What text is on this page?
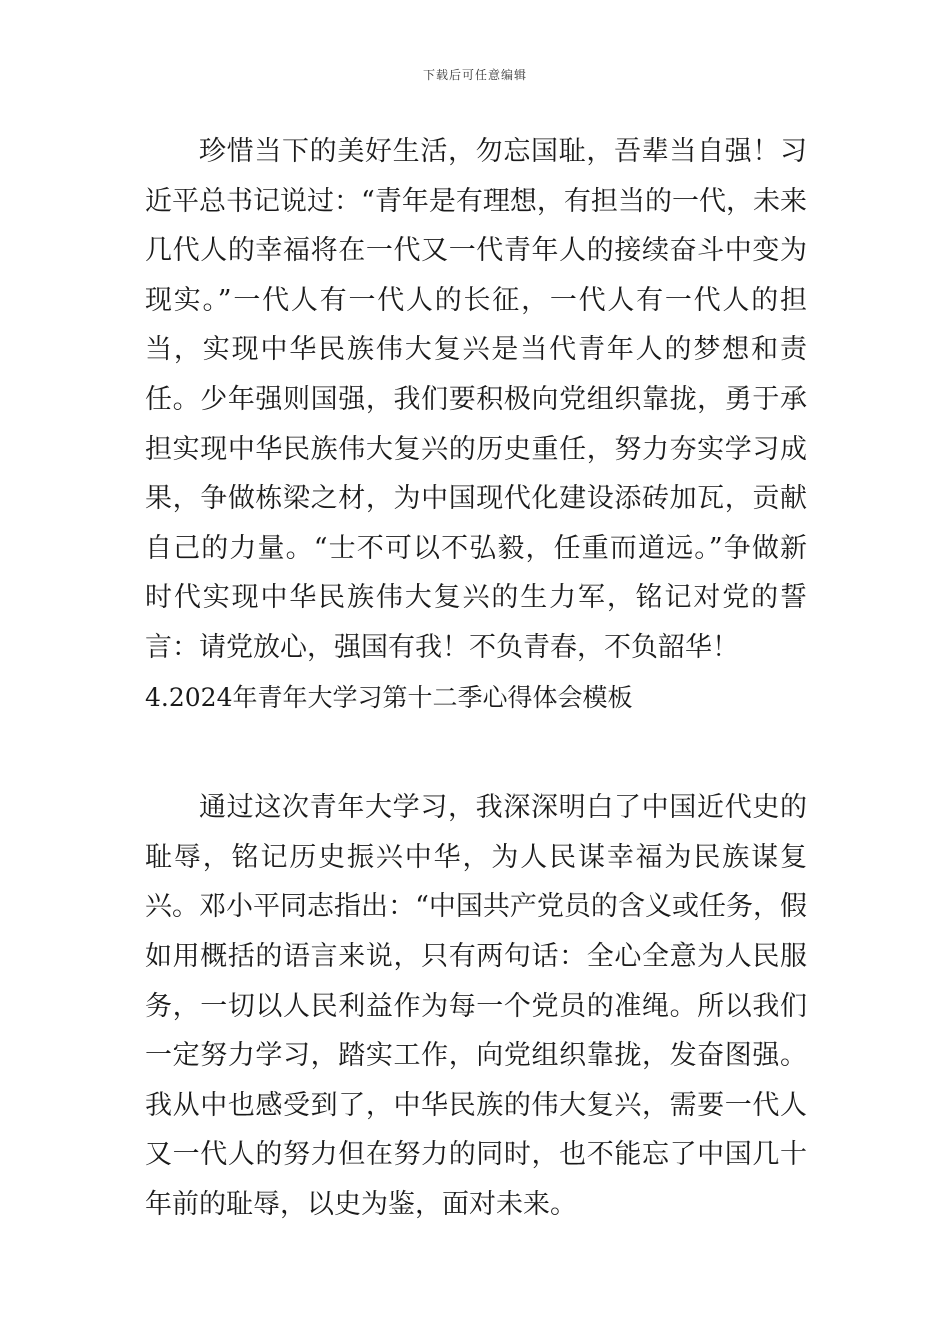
下载后可任意编辑

珍惜当下的美好生活，勿忘国耻，吾辈当自强！习近平总书记说过：“青年是有理想，有担当的一代，未来几代人的幸福将在一代又一代青年人的接续奋斗中变为现实。”一代人有一代人的长征，一代人有一代人的担当，实现中华民族伟大复兴是当代青年人的梦想和责任。少年强则国强，我们要积极向党组织靠拢，勇于承担实现中华民族伟大复兴的历史重任，努力夯实学习成果，争做栋梁之材，为中国现代化建设添砖加瓦，贡献自己的力量。“士不可以不弘毅，任重而道远。”争做新时代实现中华民族伟大复兴的生力军，铭记对党的誓言：请党放心，强国有我！不负青春，不负韶华！

4.2024年青年大学习第十二季心得体会模板

通过这次青年大学习，我深深明白了中国近代史的耻辱，铭记历史振兴中华，为人民谋幸福为民族谋复兴。邓小平同志指出：“中国共产党员的含义或任务，假如用概括的语言来说，只有两句话：全心全意为人民服务，一切以人民利益作为每一个党员的准绳。所以我们一定努力学习，踏实工作，向党组织靠拢，发奋图强。我从中也感受到了，中华民族的伟大复兴，需要一代人又一代人的努力但在努力的同时，也不能忘了中国几十年前的耻辱，以史为鉴，面对未来。
